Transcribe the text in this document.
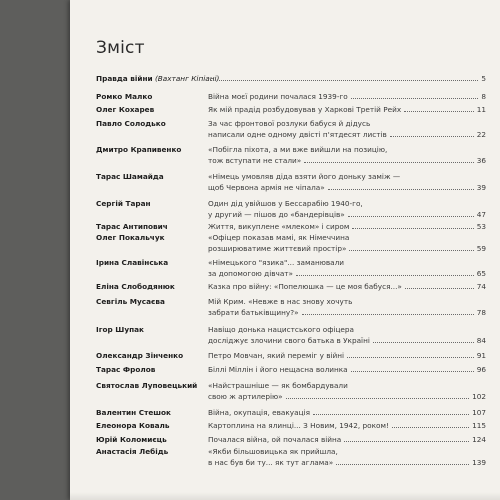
Зміст
Правда війни (Вахтанг Кіпіані)	5
Ромко Малко	Війна моєї родини почалася 1939-го	8
Олег Кохарев	Як мій прадід розбудовував у Харкові Третій Рейх	11
Павло Солодько	За час фронтової розлуки бабуся й дідусь
написали одне одному двісті п'ятдесят листів	22
Дмитро Крапивенко	«Побігла піхота, а ми вже вийшли на позицію,
тож вступати не стали»	36
Тарас Шамайда	«Німець умовляв діда взяти його доньку заміж —
щоб Червона армія не чіпала»	39
Сергій Таран	Один дід увійшов у Бессарабію 1940-го,
у другий — пішов до «бандерівців»	47
Тарас Антипович	Життя, викуплене «млеком» і сиром	53
Олег Покальчук	«Офіцер показав мамі, як Німеччина
розширюватиме життєвий простір»	59
Ірина Славінська	«Німецького "язика"... заманювали
за допомогою дівчат»	65
Еліна Слободянюк	Казка про війну: «Попелюшка — це моя бабуся...»	74
Севгіль Мусаєва	Мій Крим. «Невже в нас знову хочуть
забрати батьківщину?»	78
Ігор Шупак	Навіщо донька нацистського офіцера
досліджує злочини свого батька в Україні	84
Олександр Зінченко	Петро Мовчан, який переміг у війні	91
Тарас Фролов	Біллі Міллін і його нещасна волинка	96
Святослав Луповецький	«Найстрашніше — як бомбардували
свою ж артилерію»	102
Валентин Стешок	Війна, окупація, евакуація	107
Елеонора Коваль	Картоплина на ялинці... З Новим, 1942, роком!	115
Юрій Коломиєць	Почалася війна, ой почалася війна	124
Анастасія Лебідь	«Якби більшовицька як прийшла,
в нас був би ту... як тут аглама»	139
